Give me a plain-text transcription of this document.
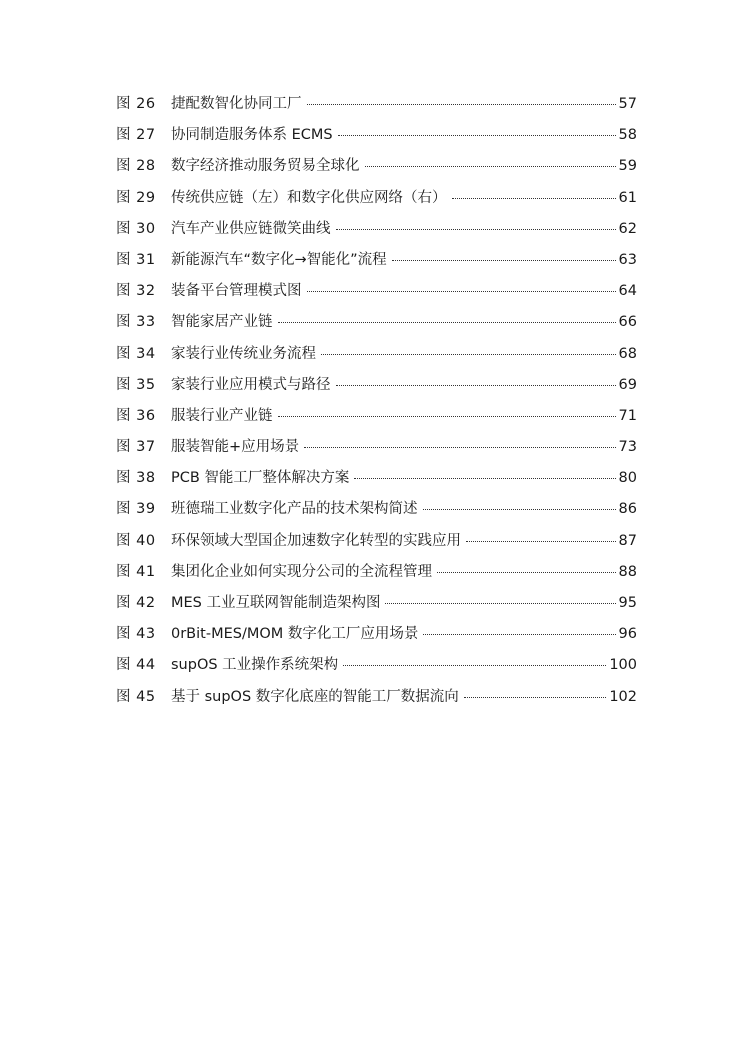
图 26	捷配数智化协同工厂	57
图 27	协同制造服务体系 ECMS	58
图 28	数字经济推动服务贸易全球化	59
图 29	传统供应链（左）和数字化供应网络（右）	61
图 30	汽车产业供应链微笑曲线	62
图 31	新能源汽车“数字化→智能化”流程	63
图 32	装备平台管理模式图	64
图 33	智能家居产业链	66
图 34	家装行业传统业务流程	68
图 35	家装行业应用模式与路径	69
图 36	服装行业产业链	71
图 37	服装智能+应用场景	73
图 38	PCB 智能工厂整体解决方案	80
图 39	班德瑞工业数字化产品的技术架构简述	86
图 40	环保领域大型国企加速数字化转型的实践应用	87
图 41	集团化企业如何实现分公司的全流程管理	88
图 42	MES 工业互联网智能制造架构图	95
图 43	0rBit-MES/MOM 数字化工厂应用场景	96
图 44	supOS 工业操作系统架构	100
图 45	基于 supOS 数字化底座的智能工厂数据流向	102
